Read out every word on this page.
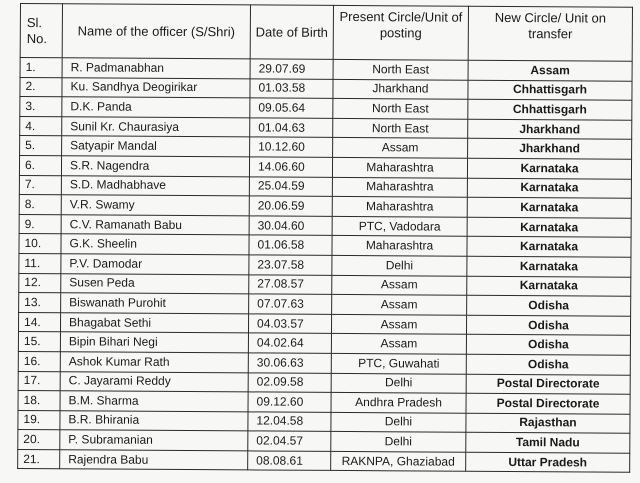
Sl. No.	Name of the officer (S/Shri)	Date of Birth	Present Circle/Unit of posting	New Circle/ Unit on transfer
1.	R. Padmanabhan	29.07.69	North East	Assam
2.	Ku. Sandhya Deogirikar	01.03.58	Jharkhand	Chhattisgarh
3.	D.K. Panda	09.05.64	North East	Chhattisgarh
4.	Sunil Kr. Chaurasiya	01.04.63	North East	Jharkhand
5.	Satyapir Mandal	10.12.60	Assam	Jharkhand
6.	S.R. Nagendra	14.06.60	Maharashtra	Karnataka
7.	S.D. Madhabhave	25.04.59	Maharashtra	Karnataka
8.	V.R. Swamy	20.06.59	Maharashtra	Karnataka
9.	C.V. Ramanath Babu	30.04.60	PTC, Vadodara	Karnataka
10.	G.K. Sheelin	01.06.58	Maharashtra	Karnataka
11.	P.V. Damodar	23.07.58	Delhi	Karnataka
12.	Susen Peda	27.08.57	Assam	Karnataka
13.	Biswanath Purohit	07.07.63	Assam	Odisha
14.	Bhagabat Sethi	04.03.57	Assam	Odisha
15.	Bipin Bihari Negi	04.02.64	Assam	Odisha
16.	Ashok Kumar Rath	30.06.63	PTC, Guwahati	Odisha
17.	C. Jayarami Reddy	02.09.58	Delhi	Postal Directorate
18.	B.M. Sharma	09.12.60	Andhra Pradesh	Postal Directorate
19.	B.R. Bhirania	12.04.58	Delhi	Rajasthan
20.	P. Subramanian	02.04.57	Delhi	Tamil Nadu
21.	Rajendra Babu	08.08.61	RAKNPA, Ghaziabad	Uttar Pradesh
